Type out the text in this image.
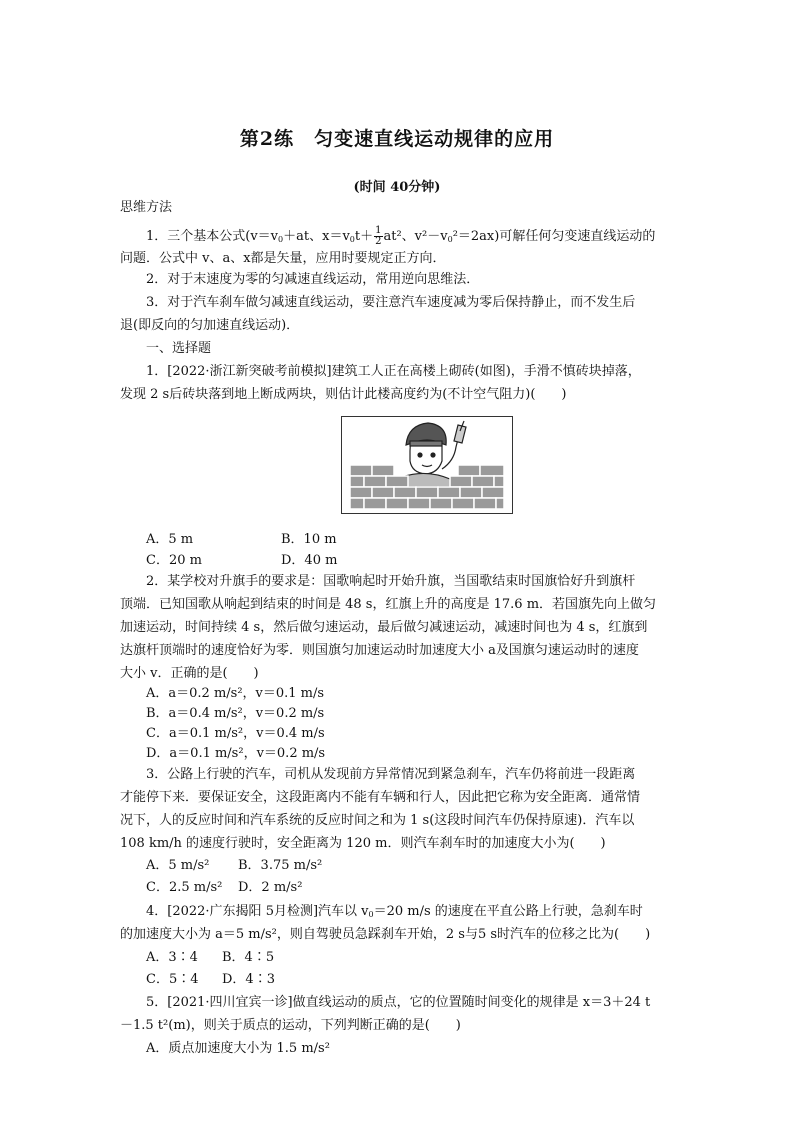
第2练　匀变速直线运动规律的应用
(时间 40分钟)
思维方法
1．三个基本公式($v=v_0+at$、$x=v_0t+ \frac{1}{2} at^2$、$v^2-v_0^2=2ax$)可解任何匀变速直线运动的
问题．公式中 v、a、x都是矢量，应用时要规定正方向．
2．对于末速度为零的匀减速直线运动，常用逆向思维法．
3．对于汽车刹车做匀减速直线运动，要注意汽车速度减为零后保持静止，而不发生后
退(即反向的匀加速直线运动)．
一、选择题
1．[2022·浙江新突破考前模拟]建筑工人正在高楼上砌砖(如图)，手滑不慎砖块掉落，
发现 2 s后砖块落到地上断成两块，则估计此楼高度约为(不计空气阻力)(　　)
A．5 m	B．10 m
C．20 m	D．40 m
2．某学校对升旗手的要求是：国歌响起时开始升旗，当国歌结束时国旗恰好升到旗杆
顶端．已知国歌从响起到结束的时间是 48 s，红旗上升的高度是 17.6 m．若国旗先向上做匀
加速运动，时间持续 4 s，然后做匀速运动，最后做匀减速运动，减速时间也为 4 s，红旗到
达旗杆顶端时的速度恰好为零．则国旗匀加速运动时加速度大小 a及国旗匀速运动时的速度
大小 v．正确的是(　　)
A．a＝0.2 m/s²，v＝0.1 m/s
B．a＝0.4 m/s²，v＝0.2 m/s
C．a＝0.1 m/s²，v＝0.4 m/s
D．a＝0.1 m/s²，v＝0.2 m/s
3．公路上行驶的汽车，司机从发现前方异常情况到紧急刹车，汽车仍将前进一段距离
才能停下来．要保证安全，这段距离内不能有车辆和行人，因此把它称为安全距离．通常情
况下，人的反应时间和汽车系统的反应时间之和为 1 s(这段时间汽车仍保持原速)．汽车以
108 km/h 的速度行驶时，安全距离为 120 m．则汽车刹车时的加速度大小为(　　)
A．5 m/s²	B．3.75 m/s²
C．2.5 m/s²	D．2 m/s²
4．[2022·广东揭阳 5月检测]汽车以 $v_0=20$ m/s 的速度在平直公路上行驶，急刹车时
的加速度大小为 a＝5 m/s²，则自驾驶员急踩刹车开始，2 s与5 s时汽车的位移之比为(　　)
A．3∶4	B．4∶5
C．5∶4	D．4∶3
5．[2021·四川宜宾一诊]做直线运动的质点，它的位置随时间变化的规律是 x＝3＋24 t
－1.5 t²(m)，则关于质点的运动，下列判断正确的是(　　)
A．质点加速度大小为 1.5 m/s²
